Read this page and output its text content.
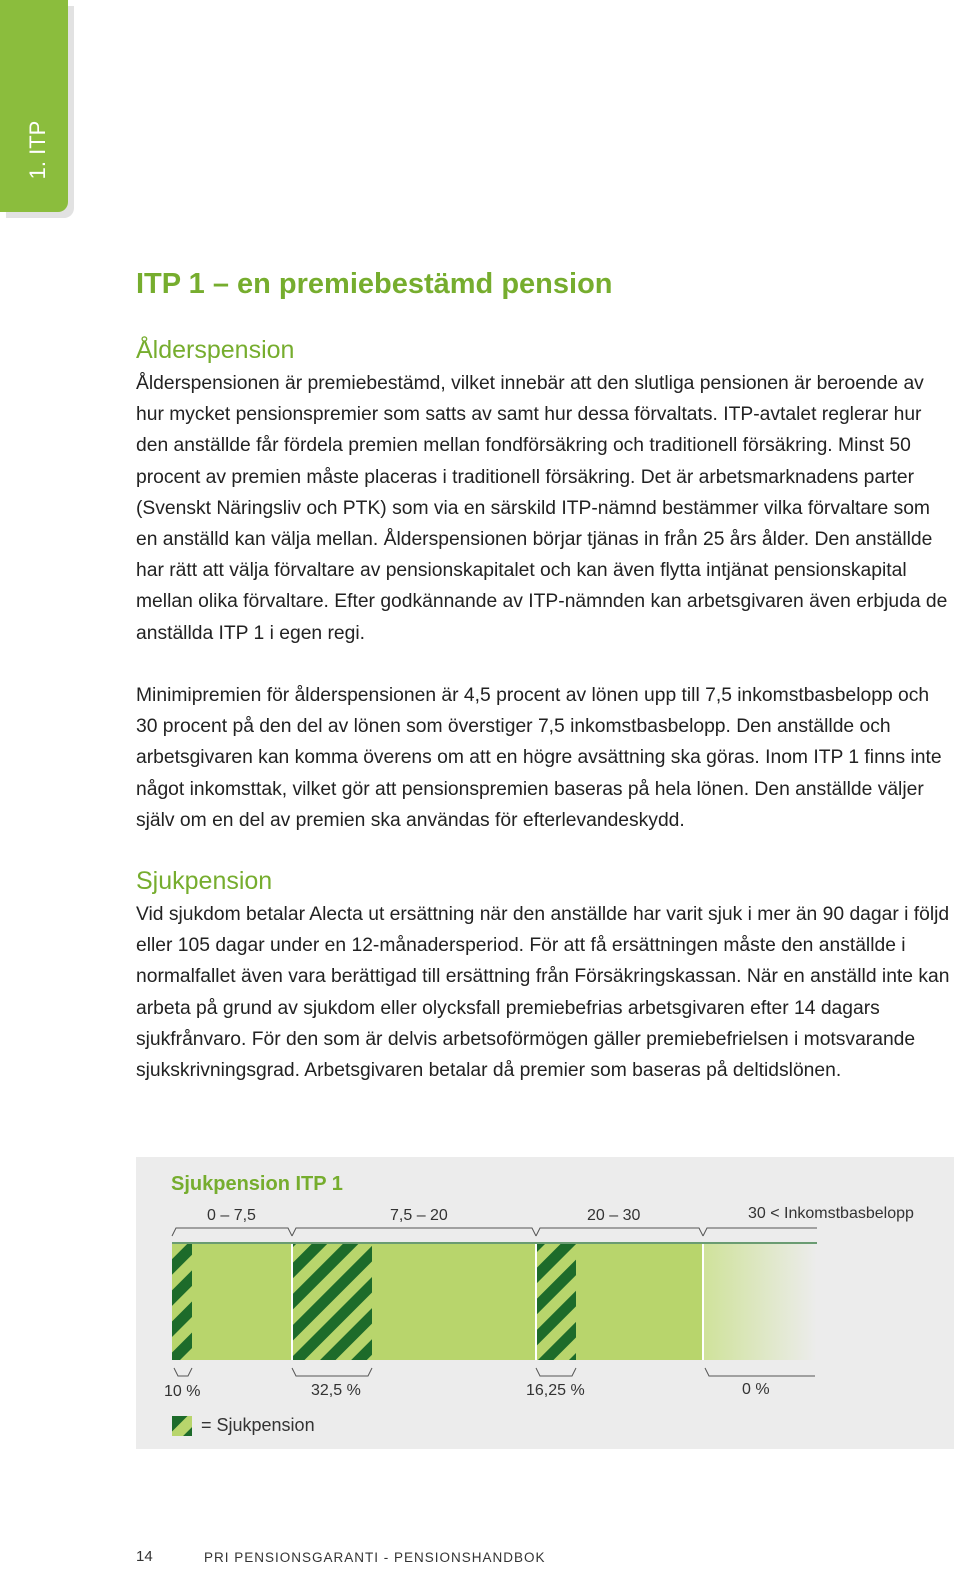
1. ITP
ITP 1 – en premiebestämd pension
Ålderspension

Ålderspensionen är premiebestämd, vilket innebär att den slutliga pensionen är beroende av hur mycket pensionspremier som satts av samt hur dessa förvaltats. ITP-avtalet reglerar hur den anställde får fördela premien mellan fondförsäkring och traditionell försäkring. Minst 50 procent av premien måste placeras i traditionell försäkring. Det är arbetsmarknadens parter (Svenskt Näringsliv och PTK) som via en särskild ITP-nämnd bestämmer vilka förvaltare som en anställd kan välja mellan. Ålderspensionen börjar tjänas in från 25 års ålder. Den anställde har rätt att välja förvaltare av pensionskapitalet och kan även flytta intjänat pensionskapital mellan olika förvaltare. Efter godkännande av ITP-nämnden kan arbetsgivaren även erbjuda de anställda ITP 1 i egen regi.

Minimipremien för ålderspensionen är 4,5 procent av lönen upp till 7,5 inkomstbasbelopp och 30 procent på den del av lönen som överstiger 7,5 inkomstbasbelopp. Den anställde och arbetsgivaren kan komma överens om att en högre avsättning ska göras. Inom ITP 1 finns inte något inkomsttak, vilket gör att pensionspremien baseras på hela lönen. Den anställde väljer själv om en del av premien ska användas för efterlevandeskydd.

Sjukpension

Vid sjukdom betalar Alecta ut ersättning när den anställde har varit sjuk i mer än 90 dagar i följd eller 105 dagar under en 12-månadersperiod. För att få ersättningen måste den anställde i normalfallet även vara berättigad till ersättning från Försäkringskassan. När en anställd inte kan arbeta på grund av sjukdom eller olycksfall premiebefrias arbetsgivaren efter 14 dagars sjukfrånvaro. För den som är delvis arbetsoförmögen gäller premiebefrielsen i motsvarande sjukskrivningsgrad. Arbetsgivaren betalar då premier som baseras på deltidslönen.

Sjukpension ITP 1
0 – 7,5	7,5 – 20	20 – 30	30 < Inkomstbasbelopp
10 %	32,5 %	16,25 %	0 %
= Sjukpension
14	PRI PENSIONSGARANTI - PENSIONSHANDBOK
